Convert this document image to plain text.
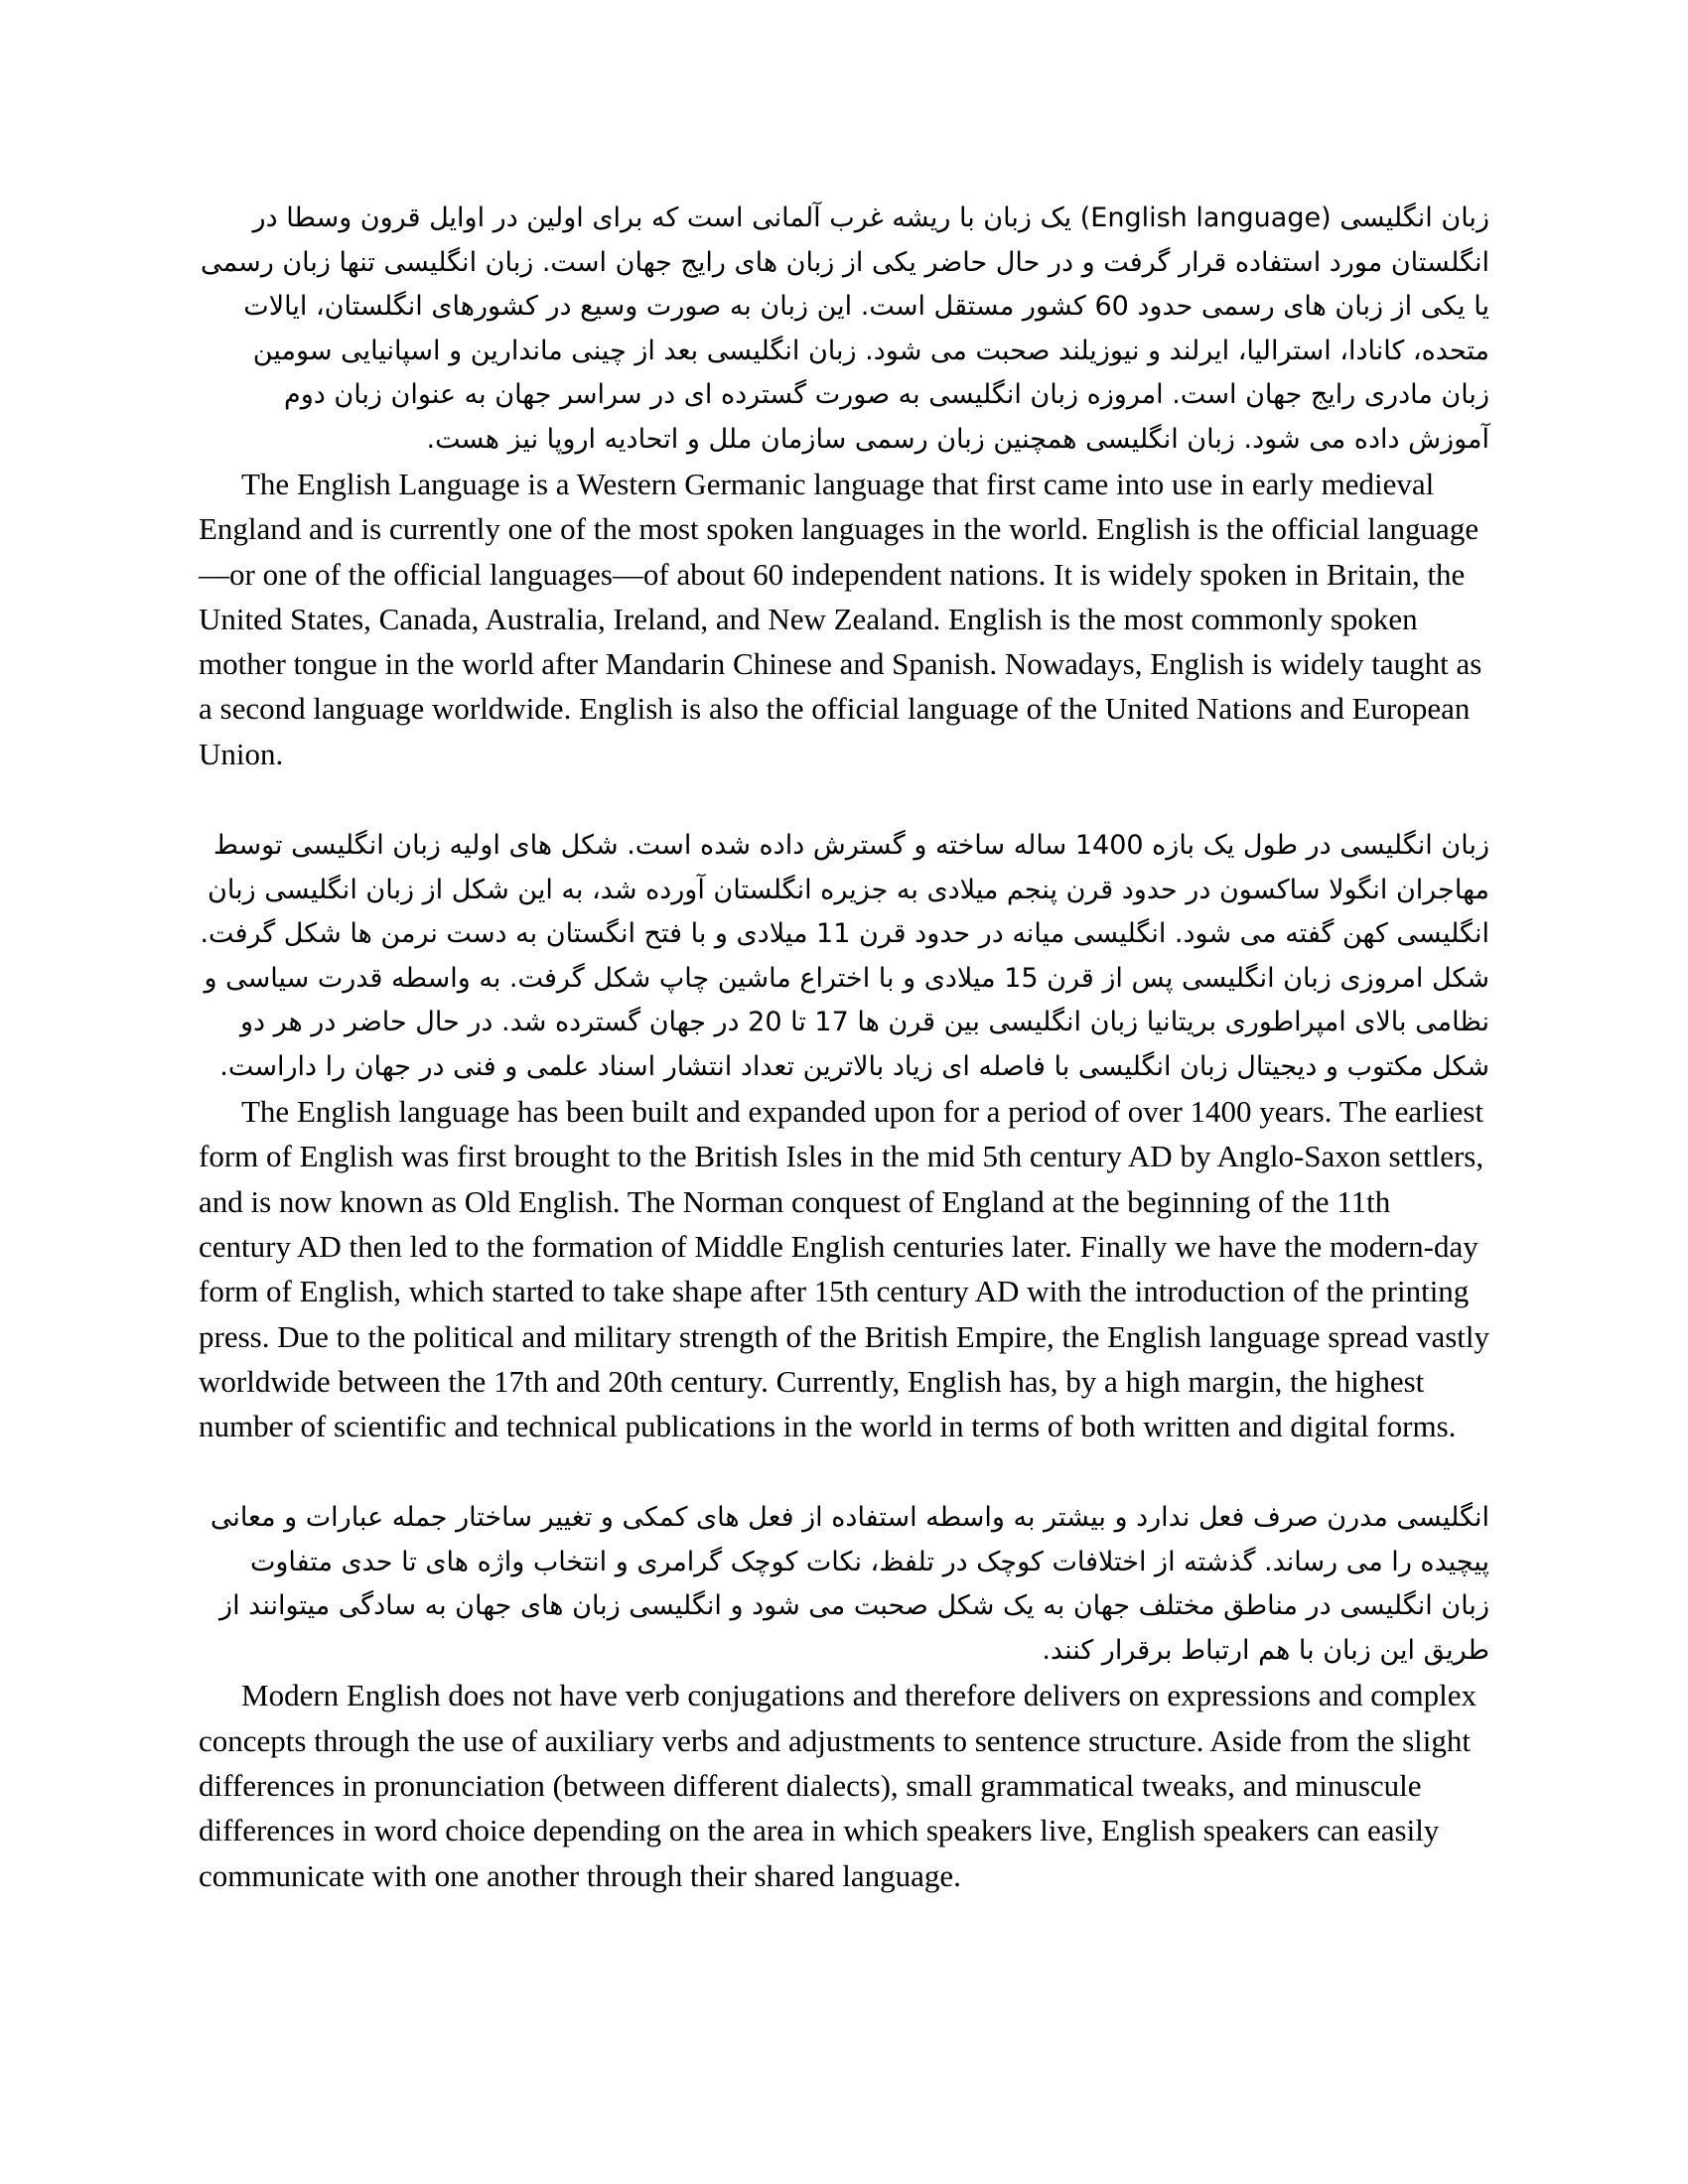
زبان انگلیسی (English language) یک زبان با ریشه غرب آلمانی است که برای اولین در اوایل قرون وسطا در انگلستان مورد استفاده قرار گرفت و در حال حاضر یکی از زبان های رایج جهان است. زبان انگلیسی تنها زبان رسمی یا یکی از زبان های رسمی حدود 60 کشور مستقل است. این زبان به صورت وسیع در کشورهای انگلستان، ایالات متحده، کانادا، استرالیا، ایرلند و نیوزیلند صحبت می شود. زبان انگلیسی بعد از چینی ماندارین و اسپانیایی سومین زبان مادری رایج جهان است. امروزه زبان انگلیسی به صورت گسترده ای در سراسر جهان به عنوان زبان دوم آموزش داده می شود. زبان انگلیسی همچنین زبان رسمی سازمان ملل و اتحادیه اروپا نیز هست.

The English Language is a Western Germanic language that first came into use in early medieval England and is currently one of the most spoken languages in the world. English is the official language—or one of the official languages—of about 60 independent nations. It is widely spoken in Britain, the United States, Canada, Australia, Ireland, and New Zealand. English is the most commonly spoken mother tongue in the world after Mandarin Chinese and Spanish. Nowadays, English is widely taught as a second language worldwide. English is also the official language of the United Nations and European Union.

زبان انگلیسی در طول یک بازه 1400 ساله ساخته و گسترش داده شده است. شکل های اولیه زبان انگلیسی توسط مهاجران انگولا ساکسون در حدود قرن پنجم میلادی به جزیره انگلستان آورده شد، به این شکل از زبان انگلیسی زبان انگلیسی کهن گفته می شود. انگلیسی میانه در حدود قرن 11 میلادی و با فتح انگستان به دست نرمن ها شکل گرفت. شکل امروزی زبان انگلیسی پس از قرن 15 میلادی و با اختراع ماشین چاپ شکل گرفت. به واسطه قدرت سیاسی و نظامی بالای امپراطوری بریتانیا زبان انگلیسی بین قرن ها 17 تا 20 در جهان گسترده شد. در حال حاضر در هر دو شکل مکتوب و دیجیتال زبان انگلیسی با فاصله ای زیاد بالاترین تعداد انتشار اسناد علمی و فنی در جهان را داراست.

The English language has been built and expanded upon for a period of over 1400 years. The earliest form of English was first brought to the British Isles in the mid 5th century AD by Anglo-Saxon settlers, and is now known as Old English. The Norman conquest of England at the beginning of the 11th century AD then led to the formation of Middle English centuries later. Finally we have the modern-day form of English, which started to take shape after 15th century AD with the introduction of the printing press. Due to the political and military strength of the British Empire, the English language spread vastly worldwide between the 17th and 20th century. Currently, English has, by a high margin, the highest number of scientific and technical publications in the world in terms of both written and digital forms.

انگلیسی مدرن صرف فعل ندارد و بیشتر به واسطه استفاده از فعل های کمکی و تغییر ساختار جمله عبارات و معانی پیچیده را می رساند. گذشته از اختلافات کوچک در تلفظ، نکات کوچک گرامری و انتخاب واژه های تا حدی متفاوت زبان انگلیسی در مناطق مختلف جهان به یک شکل صحبت می شود و انگلیسی زبان های جهان به سادگی میتوانند از طریق این زبان با هم ارتباط برقرار کنند.

Modern English does not have verb conjugations and therefore delivers on expressions and complex concepts through the use of auxiliary verbs and adjustments to sentence structure. Aside from the slight differences in pronunciation (between different dialects), small grammatical tweaks, and minuscule differences in word choice depending on the area in which speakers live, English speakers can easily communicate with one another through their shared language.
